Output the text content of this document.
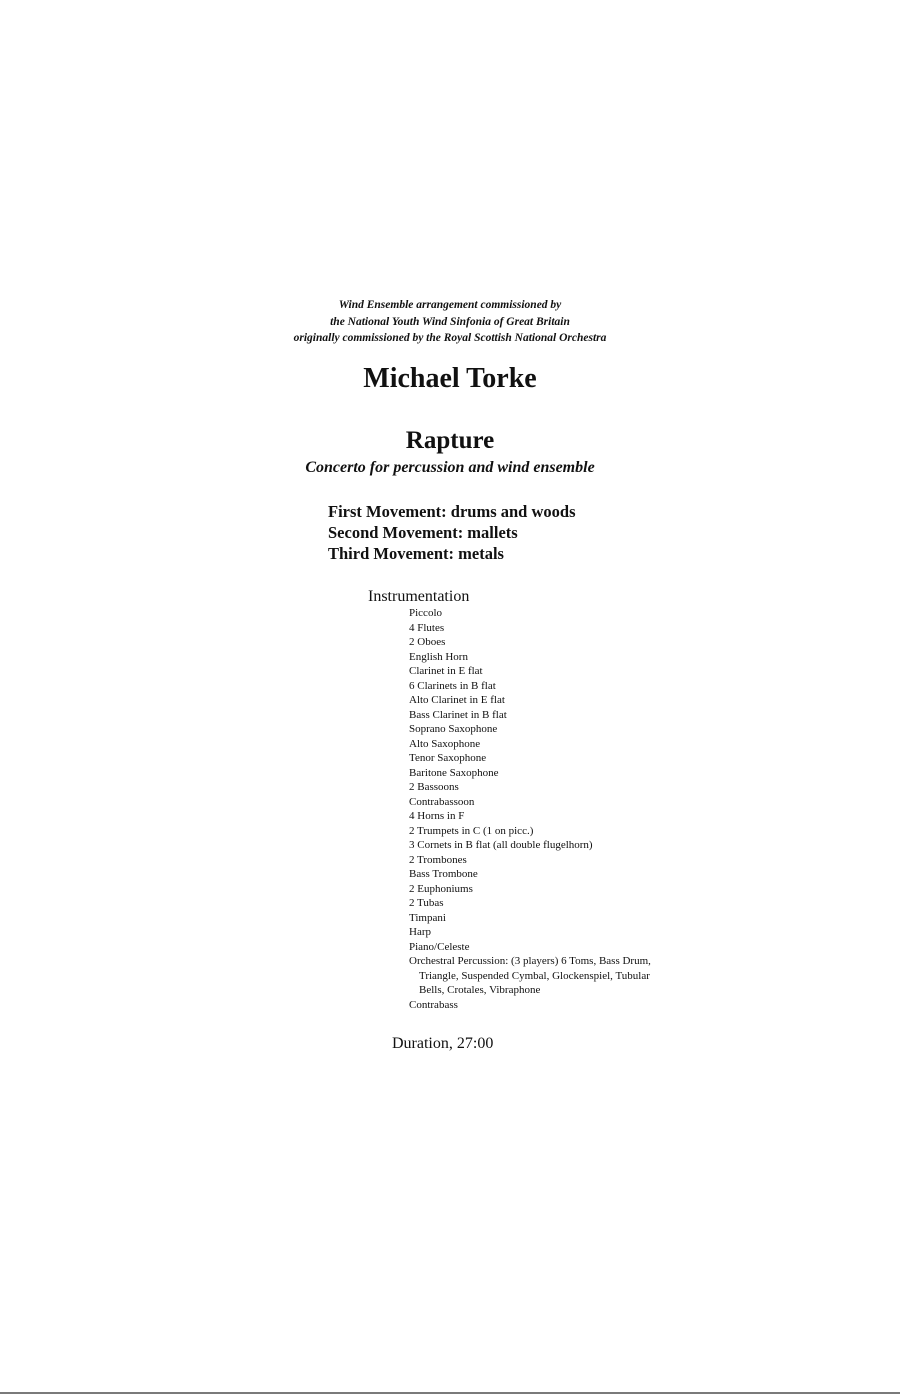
Wind Ensemble arrangement commissioned by
the National Youth Wind Sinfonia of Great Britain
originally commissioned by the Royal Scottish National Orchestra
Michael Torke
Rapture
Concerto for percussion and wind ensemble
First Movement: drums and woods
Second Movement: mallets
Third Movement: metals
Instrumentation
Piccolo
4 Flutes
2 Oboes
English Horn
Clarinet in E flat
6 Clarinets in B flat
Alto Clarinet in E flat
Bass Clarinet in B flat
Soprano Saxophone
Alto Saxophone
Tenor Saxophone
Baritone Saxophone
2 Bassoons
Contrabassoon
4 Horns in F
2 Trumpets in C (1 on picc.)
3 Cornets in B flat (all double flugelhorn)
2 Trombones
Bass Trombone
2 Euphoniums
2 Tubas
Timpani
Harp
Piano/Celeste
Orchestral Percussion: (3 players) 6 Toms, Bass Drum,
Triangle, Suspended Cymbal, Glockenspiel, Tubular
Bells, Crotales, Vibraphone
Contrabass
Duration, 27:00
